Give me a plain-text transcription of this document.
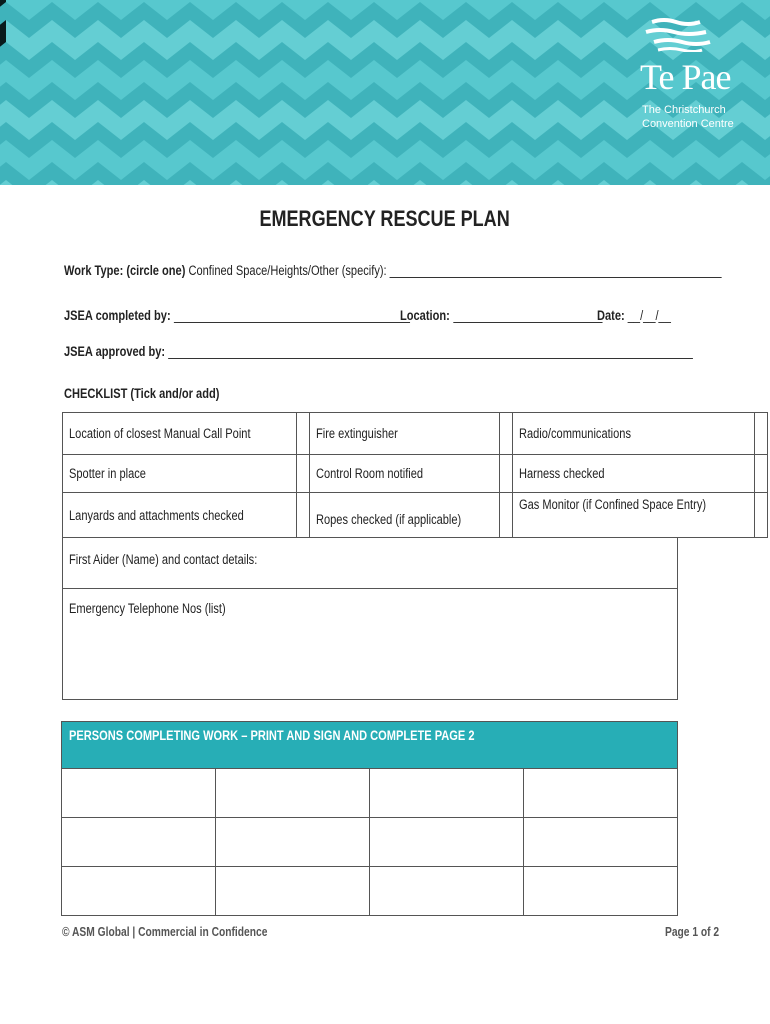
Te Pae
The Christchurch
Convention Centre
EMERGENCY RESCUE PLAN
Work Type: (circle one) Confined Space/Heights/Other (specify):
JSEA completed by:	Location:	Date: __/__/__
JSEA approved by:
CHECKLIST (Tick and/or add)
Location of closest Manual Call Point		Fire extinguisher		Radio/communications	
Spotter in place		Control Room notified		Harness checked	
Lanyards and attachments checked		Ropes checked (if applicable)		Gas Monitor (if Confined Space Entry)	
First Aider (Name) and contact details:
Emergency Telephone Nos (list)
PERSONS COMPLETING WORK – PRINT AND SIGN AND COMPLETE PAGE 2

© ASM Global | Commercial in Confidence	Page 1 of 2
